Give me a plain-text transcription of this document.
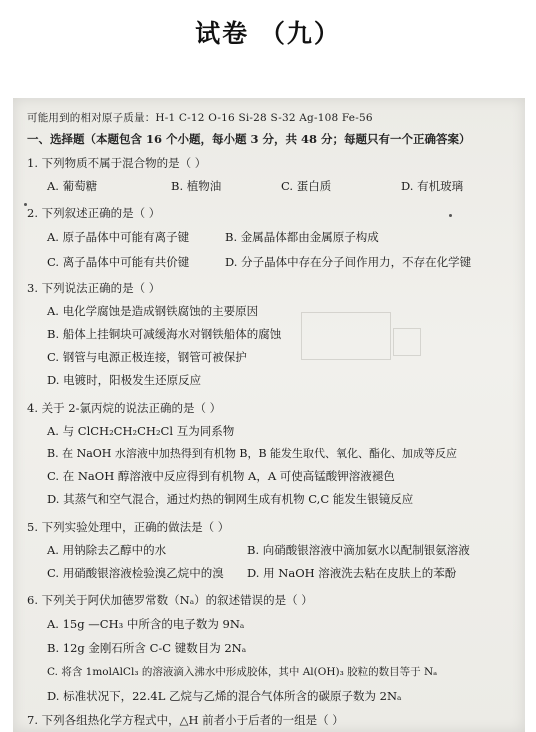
试卷 （九）
可能用到的相对原子质量：H-1 C-12 O-16 Si-28 S-32 Ag-108 Fe-56
一、选择题（本题包含 16 个小题，每小题 3 分，共 48 分；每题只有一个正确答案）
1. 下列物质不属于混合物的是（ ）
A. 葡萄糖	B. 植物油	C. 蛋白质	D. 有机玻璃
2. 下列叙述正确的是（ ）
A. 原子晶体中可能有离子键	B. 金属晶体都由金属原子构成
C. 离子晶体中可能有共价键	D. 分子晶体中存在分子间作用力，不存在化学键
3. 下列说法正确的是（ ）
A. 电化学腐蚀是造成钢铁腐蚀的主要原因
B. 船体上挂铜块可减缓海水对钢铁船体的腐蚀
C. 钢管与电源正极连接，钢管可被保护
D. 电镀时，阳极发生还原反应
4. 关于 2-氯丙烷的说法正确的是（ ）
A. 与 ClCH₂CH₂CH₂Cl 互为同系物
B. 在 NaOH 水溶液中加热得到有机物 B，B 能发生取代、氧化、酯化、加成等反应
C. 在 NaOH 醇溶液中反应得到有机物 A，A 可使高锰酸钾溶液褪色
D. 其蒸气和空气混合，通过灼热的铜网生成有机物 C,C 能发生银镜反应
5. 下列实验处理中，正确的做法是（ ）
A. 用钠除去乙醇中的水	B. 向硝酸银溶液中滴加氨水以配制银氨溶液
C. 用硝酸银溶液检验溴乙烷中的溴 D. 用 NaOH 溶液洗去粘在皮肤上的苯酚
6. 下列关于阿伏加德罗常数（Nₐ）的叙述错误的是（ ）
A. 15g —CH₃ 中所含的电子数为 9Nₐ
B. 12g 金刚石所含 C-C 键数目为 2Nₐ
C. 将含 1molAlCl₃ 的溶液滴入沸水中形成胶体，其中 Al(OH)₃ 胶粒的数目等于 Nₐ
D. 标准状况下，22.4L 乙烷与乙烯的混合气体所含的碳原子数为 2Nₐ
7. 下列各组热化学方程式中，△H 前者小于后者的一组是（ ）
